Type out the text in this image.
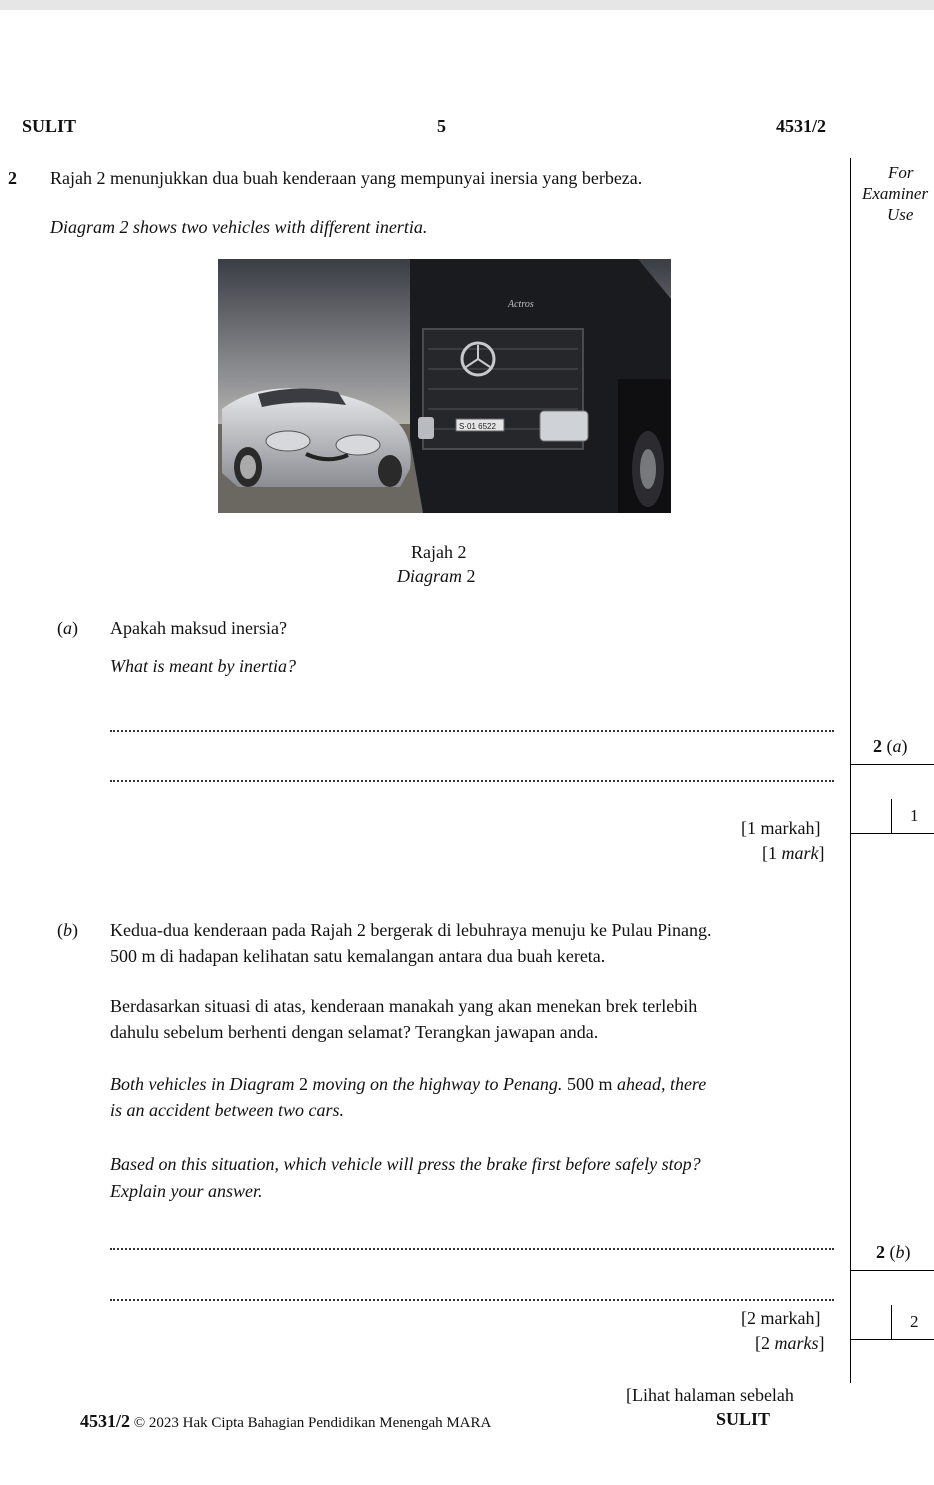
SULIT	5	4531/2
For
Examiner
Use
2 Rajah 2 menunjukkan dua buah kenderaan yang mempunyai inersia yang berbeza.
Diagram 2 shows two vehicles with different inertia.
Actros
S·01 6522
Rajah 2
Diagram 2
(a) Apakah maksud inersia?
What is meant by inertia?
[1 markah]
[1 mark]
2 (a)
1
(b) Kedua-dua kenderaan pada Rajah 2 bergerak di lebuhraya menuju ke Pulau Pinang.
500 m di hadapan kelihatan satu kemalangan antara dua buah kereta.
Berdasarkan situasi di atas, kenderaan manakah yang akan menekan brek terlebih
dahulu sebelum berhenti dengan selamat? Terangkan jawapan anda.
Both vehicles in Diagram 2 moving on the highway to Penang. 500 m ahead, there
is an accident between two cars.
Based on this situation, which vehicle will press the brake first before safely stop?
Explain your answer.
[2 markah]
[2 marks]
2 (b)
2
[Lihat halaman sebelah
4531/2 © 2023 Hak Cipta Bahagian Pendidikan Menengah MARA	SULIT
